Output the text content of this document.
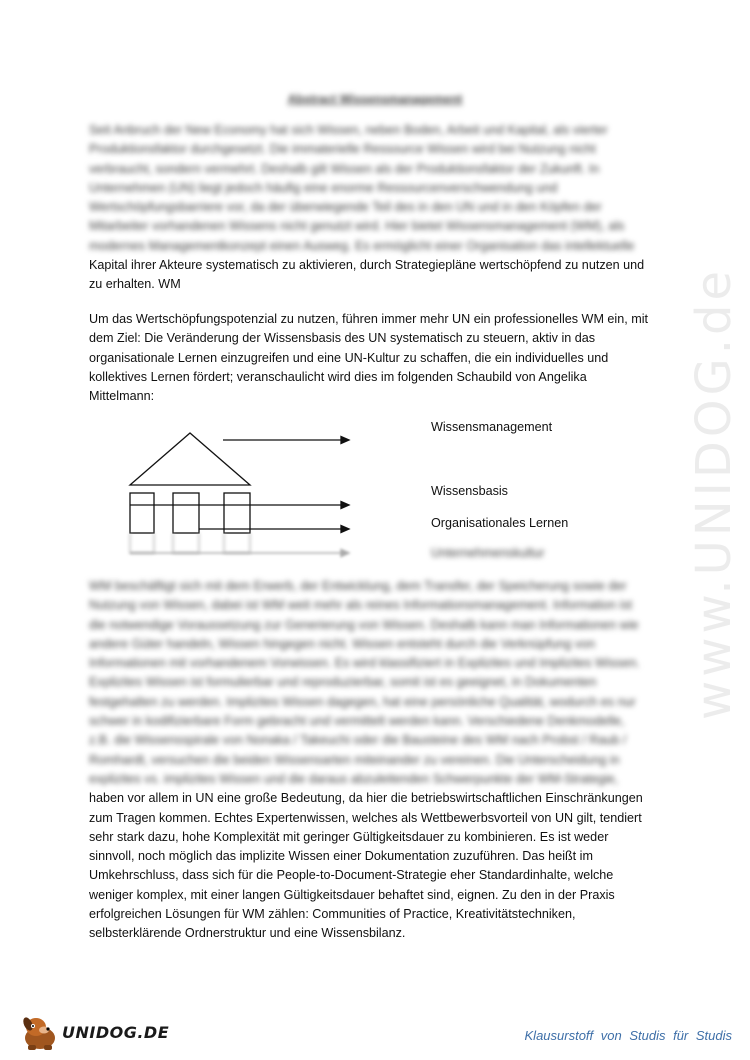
Abstract Wissensmanagement

Seit Anbruch der New Economy hat sich Wissen, neben Boden, Arbeit und Kapital, als vierter
Produktionsfaktor durchgesetzt. Die immaterielle Ressource Wissen wird bei Nutzung nicht
verbraucht, sondern vermehrt. Deshalb gilt Wissen als der Produktionsfaktor der Zukunft. In
Unternehmen (UN) liegt jedoch häufig eine enorme Ressourcenverschwendung und
Wertschöpfungsbarriere vor, da der überwiegende Teil des in den UN und in den Köpfen der
Mitarbeiter vorhandenen Wissens nicht genutzt wird. Hier bietet Wissensmanagement (WM), als
modernes Managementkonzept einen Ausweg. Es ermöglicht einer Organisation das intellektuelle
Kapital ihrer Akteure systematisch zu aktivieren, durch Strategiepläne wertschöpfend zu nutzen und
zu erhalten. WM

Um das Wertschöpfungspotenzial zu nutzen, führen immer mehr UN ein professionelles WM ein, mit
dem Ziel: Die Veränderung der Wissensbasis des UN systematisch zu steuern, aktiv in das
organisationale Lernen einzugreifen und eine UN-Kultur zu schaffen, die ein individuelles und
kollektives Lernen fördert; veranschaulicht wird dies im folgenden Schaubild von Angelika
Mittelmann:

Wissensmanagement
Wissensbasis
Organisationales Lernen
Unternehmenskultur

WM beschäftigt sich mit dem Erwerb, der Entwicklung, dem Transfer, der Speicherung sowie der
Nutzung von Wissen, dabei ist WM weit mehr als reines Informationsmanagement. Information ist
die notwendige Voraussetzung zur Generierung von Wissen. Deshalb kann man Informationen wie
andere Güter handeln, Wissen hingegen nicht. Wissen entsteht durch die Verknüpfung von
Informationen mit vorhandenem Vorwissen. Es wird klassifiziert in Explizites und Implizites Wissen.
Explizites Wissen ist formulierbar und reproduzierbar, somit ist es geeignet, in Dokumenten
festgehalten zu werden. Implizites Wissen dagegen, hat eine persönliche Qualität, wodurch es nur
schwer in kodifizierbare Form gebracht und vermittelt werden kann. Verschiedene Denkmodelle,
z.B. die Wissensspirale von Nonaka / Takeuchi oder die Bausteine des WM nach Probst / Raub /
Romhardt, versuchen die beiden Wissensarten miteinander zu vereinen. Die Unterscheidung in
explizites vs. implizites Wissen und die daraus abzuleitenden Schwerpunkte der WM-Strategie,
haben vor allem in UN eine große Bedeutung, da hier die betriebswirtschaftlichen Einschränkungen
zum Tragen kommen. Echtes Expertenwissen, welches als Wettbewerbsvorteil von UN gilt, tendiert
sehr stark dazu, hohe Komplexität mit geringer Gültigkeitsdauer zu kombinieren. Es ist weder
sinnvoll, noch möglich das implizite Wissen einer Dokumentation zuzuführen. Das heißt im
Umkehrschluss, dass sich für die People-to-Document-Strategie eher Standardinhalte, welche
weniger komplex, mit einer langen Gültigkeitsdauer behaftet sind, eignen. Zu den in der Praxis
erfolgreichen Lösungen für WM zählen: Communities of Practice, Kreativitätstechniken,
selbsterklärende Ordnerstruktur und eine Wissensbilanz.

www.UNIDOG.de
UNIDOG.DE	Klausurstoff von Studis für Studis
